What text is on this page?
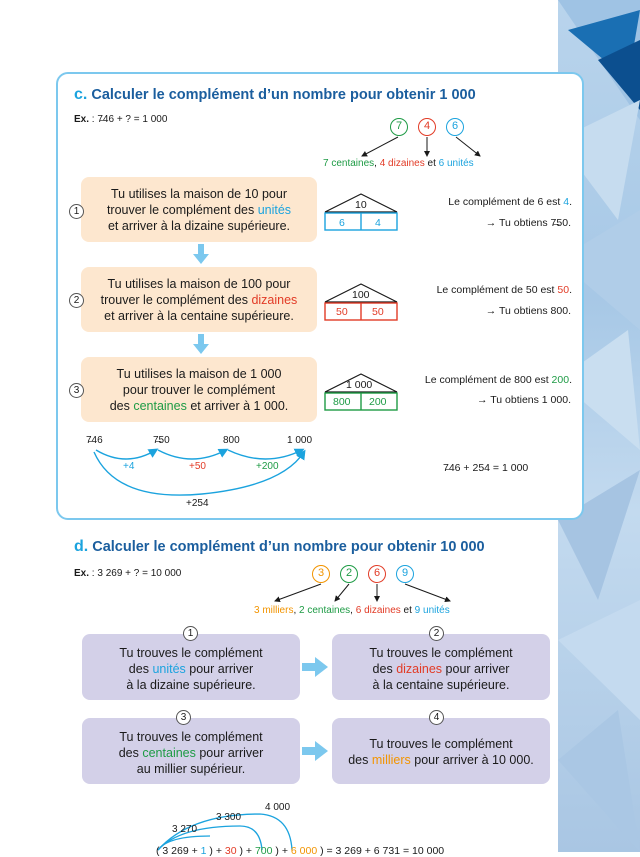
c. Calculer le complément d’un nombre pour obtenir 1 000
Ex. : 7̶46 + ? = 1 000
7	4	6
7 centaines, 4 dizaines et 6 unités
Tu utilises la maison de 10 pour
trouver le complément des unités
et arriver à la dizaine supérieure.
1
10
6	4
Le complément de 6 est 4.
→ Tu obtiens 7̶50.
Tu utilises la maison de 100 pour
trouver le complément des dizaines
et arriver à la centaine supérieure.
2	100
50 50
Le complément de 50 est 50.
→ Tu obtiens 800.
Tu utilises la maison de 1 000
pour trouver le complément
des centaines et arriver à 1 000.
3	1 000
800 200
Le complément de 800 est 200.
→ Tu obtiens 1 000.
7̶46	7̶50	800	1 000
+4	+50	+200
+254
7̶46 + 254 = 1 000
d. Calculer le complément d’un nombre pour obtenir 10 000
Ex. : 3 269 + ? = 10 000	3	2	6	9
3 milliers, 2 centaines, 6 dizaines et 9 unités
Tu trouves le complément
des unités pour arriver
à la dizaine supérieure.
1
Tu trouves le complément
des dizaines pour arriver
à la centaine supérieure.
2
Tu trouves le complément
des centaines pour arriver
au millier supérieur.
3
Tu trouves le complément
des milliers pour arriver à 10 000.
4
4 000
3 300
3 270
( 3 269 + 1 ) + 30 ) + 700 ) + 6 000 ) = 3 269 + 6 731 = 10 000
